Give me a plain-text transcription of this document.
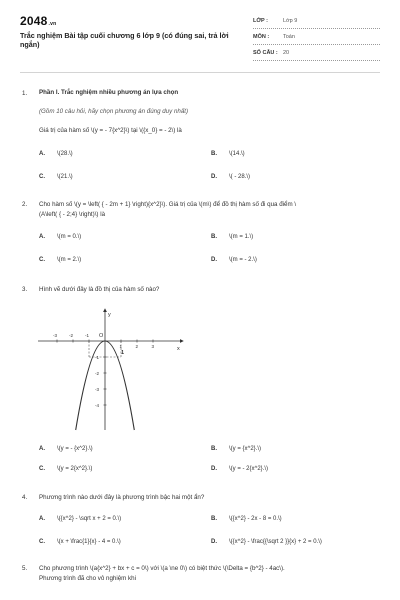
2048.vn
Trắc nghiệm Bài tập cuối chương 6 lớp 9 (có đúng sai, trả lời ngắn)
LỚP :	Lớp 9
MÔN :	Toán
SỐ CÂU : 20
1. Phần I. Trắc nghiệm nhiều phương án lựa chọn
(Gồm 10 câu hỏi, hãy chọn phương án đúng duy nhất)
Giá trị của hàm số \(y = - 7{x^2}\) tại \({x_0} = - 2\) là
A. \(28.\)	B. \(14.\)
C. \(21.\)	D. \( - 28.\)
2. Cho hàm số \(y = \left( { - 2m + 1} \right){x^2}\). Giá trị của \(m\) để đồ thị hàm số đi qua điểm \
(A\left( { - 2;4} \right)\) là
A. \(m = 0.\)	B. \(m = 1.\)
C. \(m = 2.\)	D. \(m = - 2.\)
3. Hình vẽ dưới đây là đồ thị của hàm số nào?
y
x
O
-3	-2	-1
1	2	3
-1
-2
-3
-4
1
A. \(y = - {x^2}.\)	B. \(y = {x^2}.\)
C. \(y = 2{x^2}.\)	D. \(y = - 2{x^2}.\)
4. Phương trình nào dưới đây là phương trình bậc hai một ẩn?
A. \({x^2} - \sqrt x + 2 = 0.\)	B. \({x^2} - 2x - 8 = 0.\)
C. \(x + \frac{1}{x} - 4 = 0.\)	D. \({x^2} - \frac{{\sqrt 2 }}{x} + 2 = 0.\)
5. Cho phương trình \(a{x^2} + bx + c = 0\) với \(a \ne 0\) có biệt thức \(\Delta = {b^2} - 4ac\).
Phương trình đã cho vô nghiệm khi
